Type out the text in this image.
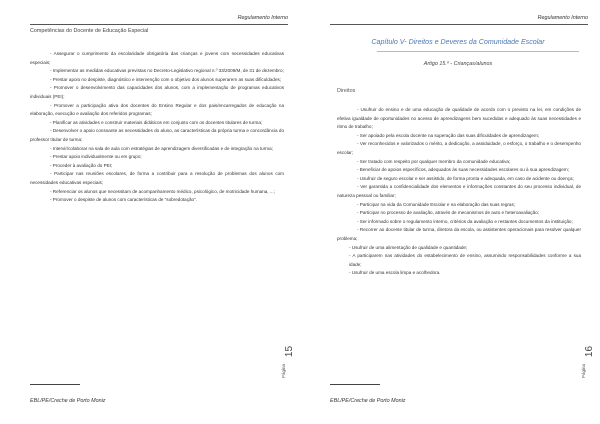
Regulamento Interno
Competências do Docente de Educação Especial

- Assegurar o cumprimento da escolaridade obrigatória das crianças e jovens com necessidades educativas especiais;

- Implementar as medidas educativas previstas no Decreto-Legislativo regional n.º 33/2009/M, de 31 de dezembro;

- Prestar apoio no despiste, diagnóstico e intervenção com o objetivo dos alunos superarem as suas dificuldades;

- Promover o desenvolvimento das capacidades dos alunos, com a implementação de programas educativos individuais (PEI);

- Promover a participação ativa dos docentes do Ensino Regular e dos pais/encarregados de educação na elaboração, execução e avaliação dos referidos programas;

- Planificar as atividades e construir materiais didáticos em conjunto com os docentes titulares de turma;

- Desenvolver o apoio consoante as necessidades do aluno, as características da própria turma e concordância do professor titular de turma;

- Intervir/colaborar na sala de aula com estratégias de aprendizagem diversificadas e de integração na turma;

- Prestar apoio individualmente ou em grupo;

- Proceder à avaliação do PEI;

- Participar nas reuniões escolares, de forma a contribuir para a resolução de problemas dos alunos com necessidades educativas especiais;

- Referenciar os alunos que necessitam de acompanhamento médico, psicológico, de motricidade humana, ...;

- Promover o despiste de alunos com características de "sobredotação".

15
Página
EBL/PE/Creche de Porto Moniz
Regulamento Interno
Capítulo V- Direitos e Deveres da Comunidade Escolar
Artigo 15.º - Crianças/alunos
Direitos

- Usufruir do ensino e de uma educação de qualidade de acordo com o previsto na lei, em condições de efetiva igualdade de oportunidades no acesso de aprendizagens bem sucedidas e adequado às suas necessidades e ritmo de trabalho;

- Ser apoiado pela escola docente na superação das suas dificuldades de aprendizagem;

- Ver reconhecidos e valorizados o mérito, a dedicação, a assiduidade, o esforço, o trabalho e o desempenho escolar;

- Ser tratado com respeito por qualquer membro da comunidade educativa;

- Beneficiar de apoios específicos, adequados às suas necessidades escolares ou à sua aprendizagem;

- Usufruir de seguro escolar e ser assistido, de forma pronta e adequada, em caso de acidente ou doença;

- Ver garantida a confidencialidade dos elementos e informações constantes do seu processo individual, de natureza pessoal ou familiar;

- Participar na vida da Comunidade Escolar e na elaboração das suas regras;

- Participar no processo de avaliação, através de mecanismos de auto e heteroavaliação;

- Ser informado sobre o regulamento interno, critérios da avaliação e restantes documentos da instituição;

- Recorrer ao docente titular de turma, diretora da escola, ou assistentes operacionais para resolver qualquer problema;

- Usufruir de uma alimentação de qualidade e quantidade;

- A participarem nas atividades do estabelecimento de ensino, assumindo responsabilidades conforme a sua idade;

- Usufruir de uma escola limpa e acolhedora.

16
Página
EBL/PE/Creche de Porto Moniz
